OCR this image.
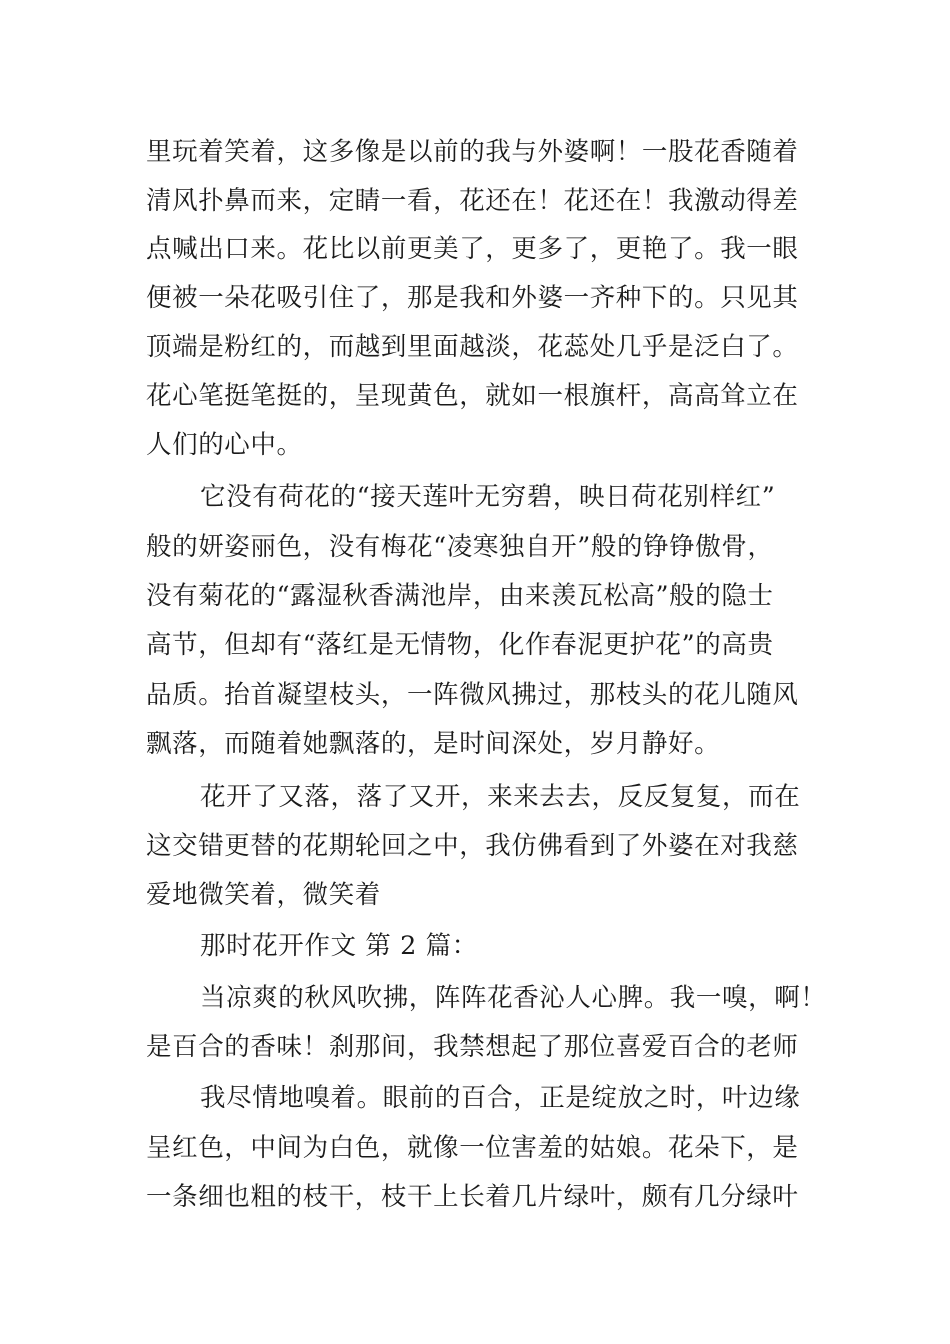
里玩着笑着，这多像是以前的我与外婆啊！一股花香随着
清风扑鼻而来，定睛一看，花还在！花还在！我激动得差
点喊出口来。花比以前更美了，更多了，更艳了。我一眼
便被一朵花吸引住了，那是我和外婆一齐种下的。只见其
顶端是粉红的，而越到里面越淡，花蕊处几乎是泛白了。
花心笔挺笔挺的，呈现黄色，就如一根旗杆，高高耸立在
人们的心中。
它没有荷花的“接天莲叶无穷碧，映日荷花别样红”
般的妍姿丽色，没有梅花“凌寒独自开”般的铮铮傲骨，
没有菊花的“露湿秋香满池岸，由来羡瓦松高”般的隐士
高节，但却有“落红是无情物，化作春泥更护花”的高贵
品质。抬首凝望枝头，一阵微风拂过，那枝头的花儿随风
飘落，而随着她飘落的，是时间深处，岁月静好。
花开了又落，落了又开，来来去去，反反复复，而在
这交错更替的花期轮回之中，我仿佛看到了外婆在对我慈
爱地微笑着，微笑着
那时花开作文 第 2 篇：
当凉爽的秋风吹拂，阵阵花香沁人心脾。我一嗅，啊！
是百合的香味！刹那间，我禁想起了那位喜爱百合的老师
我尽情地嗅着。眼前的百合，正是绽放之时，叶边缘
呈红色，中间为白色，就像一位害羞的姑娘。花朵下，是
一条细也粗的枝干，枝干上长着几片绿叶，颇有几分绿叶
